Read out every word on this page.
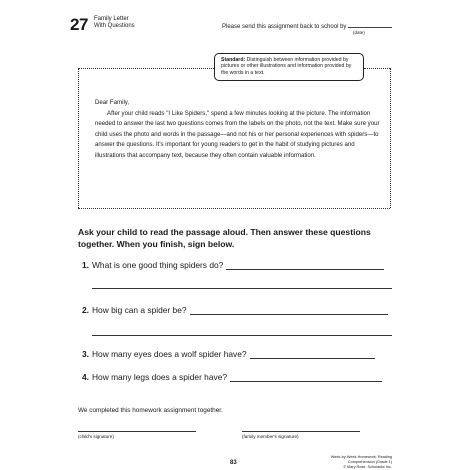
27 Family Letter
With Questions	Please send this assignment back to school by
(date)
Standard: Distinguish between information provided by pictures or other illustrations and information provided by the words in a text.
Dear Family,

After your child reads "I Like Spiders," spend a few minutes looking at the picture. The information needed to answer the last two questions comes from the labels on the photo, not the text. Make sure your child uses the photo and words in the passage—and not his or her personal experiences with spiders—to answer the questions. It's important for young readers to get in the habit of studying pictures and illustrations that accompany text, because they often contain valuable information.

Ask your child to read the passage aloud. Then answer these questions together. When you finish, sign below.
1. What is one good thing spiders do?
2. How big can a spider be?
3. How many eyes does a wolf spider have?
4. How many legs does a spider have?
We completed this homework assignment together.
(child's signature)	(family member's signature)
83
Week-by-Week Homework: Reading Comprehension (Grade 1)
© Mary Rose, Scholastic Inc.
